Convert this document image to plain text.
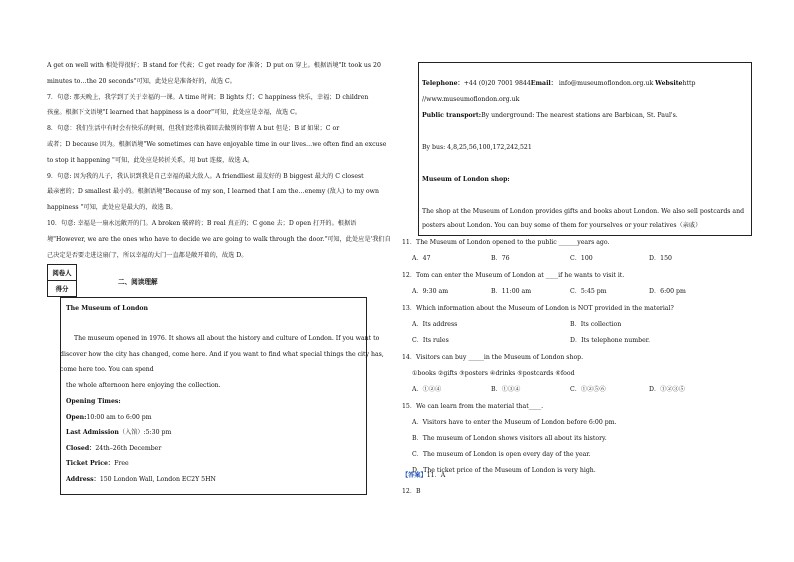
A get on well with 相处得很好；B stand for 代表；C get ready for 准备；D put on 穿上。根据语境"It took us 20
minutes to…the 20 seconds"可知，此处应是准备好的，故选 C。
7．句意: 那天晚上，我学到了关于幸福的一课。A time 时间；B lights 灯；C happiness 快乐，幸福；D children
孩童。根据下文语境"I learned that happiness is a door"可知，此处应是幸福，故选 C。
8．句意：我们生活中有时会有快乐的时刻，但我们经常执着回去做别的事情 A but 但是；B if 如果；C or
或者；D because 因为。根据语境"We sometimes can have enjoyable time in our lives…we often find an excuse
to stop it happening "可知，此处应是转折关系，用 but 连接，故选 A。
9．句意: 因为我的儿子，我认识到我是自己幸福的最大敌人。A friendliest 最友好的 B biggest 最大的 C closest
最亲密的；D smallest 最小的。根据语境"Because of my son, I learned that I am the…enemy (敌人) to my own
happiness "可知，此处应是最大的，故选 B。
10．句意: 幸福是一扇永远敞开的门。A broken 破碎的；B real 真正的；C gone 去；D open 打开的。根据语
境"However, we are the ones who have to decide we are going to walk through the door."可知，此处应是'我们自
己决定是否要走进这扇门'，所以幸福的大门一直都是敞开着的，故选 D。
阅卷人	
得分	
二、阅读理解
The Museum of London
The museum opened in 1976. It shows all about the history and culture of London. If you want to
discover how the city has changed, come here. And if you want to find what special things the city has,
come here too. You can spend
the whole afternoon here enjoying the collection.
Opening Times:
Open:10:00 am to 6:00 pm
Last Admission（入馆）:5:30 pm
Closed：24th–26th December
Ticket Price：Free
Address：150 London Wall, London EC2Y 5HN
Telephone：+44 (0)20 7001 9844Email： info@museumoflondon.org.uk Websitehttp
//www.museumoflondon.org.uk
Public transport:By underground: The nearest stations are Barbican, St. Paul's.
By bus: 4,8,25,56,100,172,242,521
Museum of London shop:
The shop at the Museum of London provides gifts and books about London. We also sell postcards and
posters about London. You can buy some of them for yourselves or your relatives（亲戚）
11．The Museum of London opened to the public ______years ago.
A．47	B．76	C．100	D．150
12．Tom can enter the Museum of London at ____if he wants to visit it.
A．9:30 am	B．11:00 am	C．5:45 pm	D．6:00 pm
13．Which information about the Museum of London is NOT provided in the material?
A．Its address	B．Its collection
C．Its rules	D．Its telephone number.
14．Visitors can buy _____in the Museum of London shop.
①books ②gifts ③posters ④drinks ⑤postcards ⑥food
A．①②④	B．①③④	C．①②⑤⑥	D．①②③⑤
15．We can learn from the material that____.
A．Visitors have to enter the Museum of London before 6:00 pm.
B．The museum of London shows visitors all about its history.
C．The museum of London is open every day of the year.
D．The ticket price of the Museum of London is very high.
【答案】11．A
12．B
